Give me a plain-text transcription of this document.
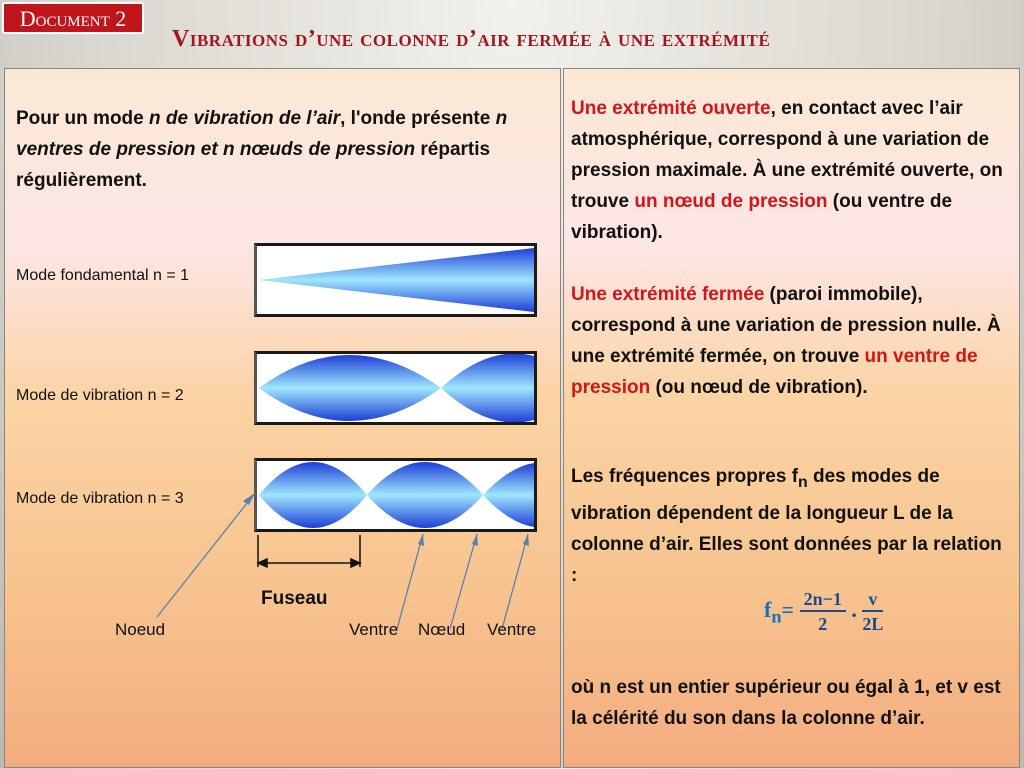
Document 2
Vibrations d’une colonne d’air fermée à une extrémité

Pour un mode n de vibration de l’air, l'onde présente n ventres de pression et n nœuds de pression répartis régulièrement.

Mode fondamental n = 1
Mode de vibration n = 2
Mode de vibration n = 3
Fuseau
Noeud	Ventre Nœud Ventre

Une extrémité ouverte, en contact avec l’air atmosphérique, correspond à une variation de pression maximale. À une extrémité ouverte, on trouve un nœud de pression (ou ventre de vibration).

Une extrémité fermée (paroi immobile), correspond à une variation de pression nulle. À une extrémité fermée, on trouve un ventre de pression (ou nœud de vibration).

Les fréquences propres $f_n$ des modes de vibration dépendent de la longueur L de la colonne d’air. Elles sont données par la relation :

$f_n= \frac{2n-1}{2}$ . $\frac{v}{2L}$

où n est un entier supérieur ou égal à 1, et v est la célérité du son dans la colonne d’air.
